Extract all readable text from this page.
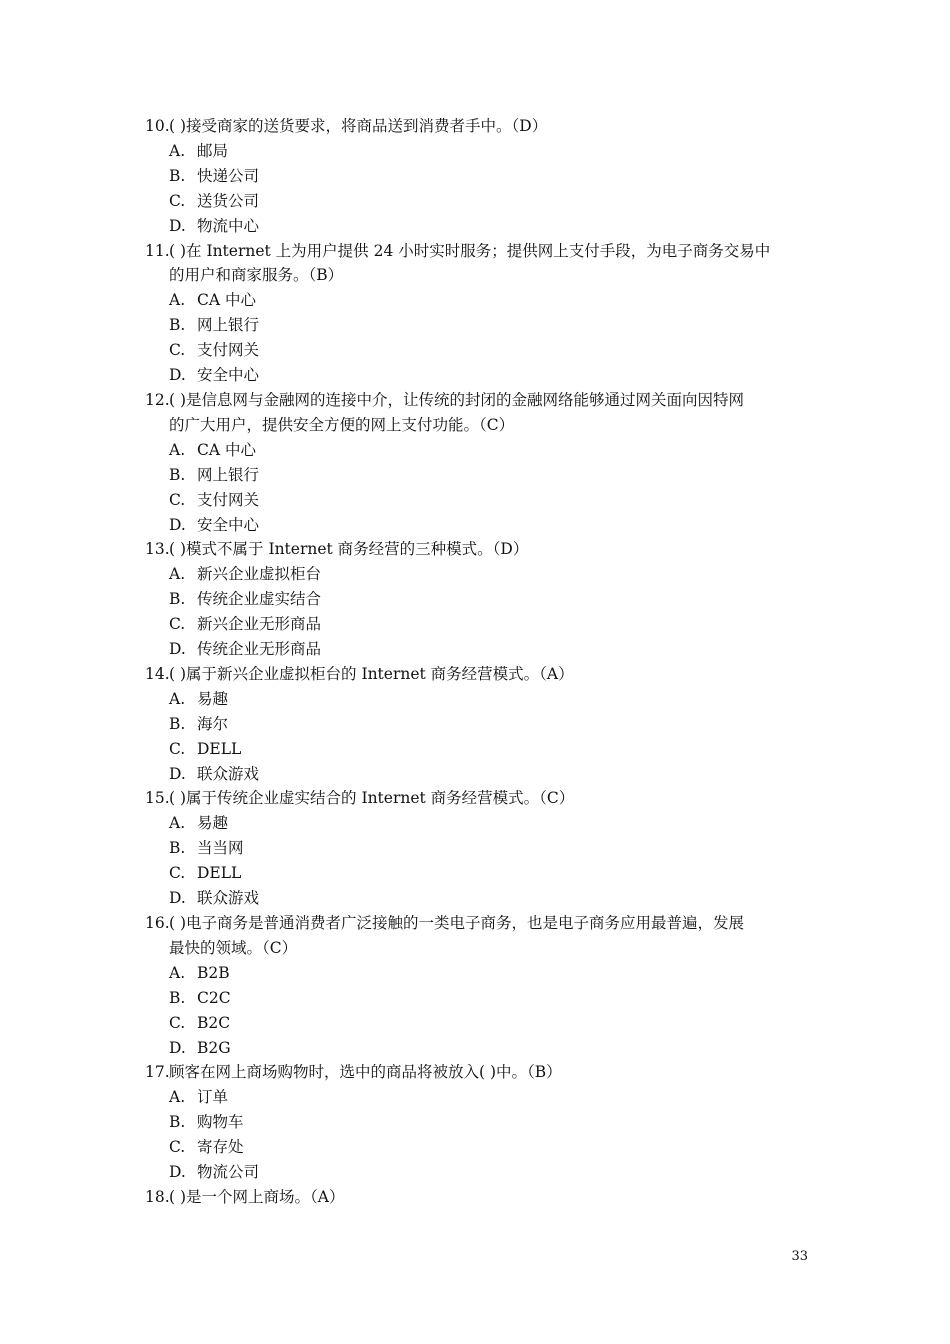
10. ( )接受商家的送货要求，将商品送到消费者手中。（D）
A. 邮局
B. 快递公司
C. 送货公司
D. 物流中心
11. ( )在 Internet 上为用户提供 24 小时实时服务；提供网上支付手段，为电子商务交易中
的用户和商家服务。（B）
A. CA 中心
B. 网上银行
C. 支付网关
D. 安全中心
12. ( )是信息网与金融网的连接中介，让传统的封闭的金融网络能够通过网关面向因特网
的广大用户，提供安全方便的网上支付功能。（C）
A. CA 中心
B. 网上银行
C. 支付网关
D. 安全中心
13. ( )模式不属于 Internet 商务经营的三种模式。（D）
A. 新兴企业虚拟柜台
B. 传统企业虚实结合
C. 新兴企业无形商品
D. 传统企业无形商品
14. ( )属于新兴企业虚拟柜台的 Internet 商务经营模式。（A）
A. 易趣
B. 海尔
C. DELL
D. 联众游戏
15. ( )属于传统企业虚实结合的 Internet 商务经营模式。（C）
A. 易趣
B. 当当网
C. DELL
D. 联众游戏
16. ( )电子商务是普通消费者广泛接触的一类电子商务，也是电子商务应用最普遍，发展
最快的领域。（C）
A. B2B
B. C2C
C. B2C
D. B2G
17. 顾客在网上商场购物时，选中的商品将被放入( )中。（B）
A. 订单
B. 购物车
C. 寄存处
D. 物流公司
18. ( )是一个网上商场。（A）
33
